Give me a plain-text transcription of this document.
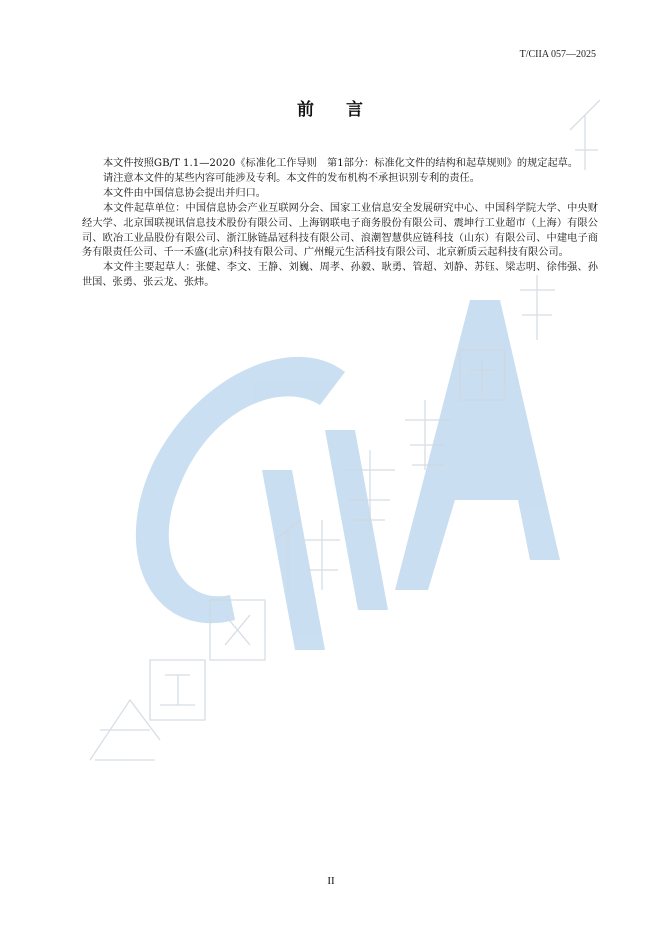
T/CIIA 057—2025
前 言

本文件按照GB/T 1.1—2020《标准化工作导则　第1部分：标准化文件的结构和起草规则》的规定起草。

请注意本文件的某些内容可能涉及专利。本文件的发布机构不承担识别专利的责任。

本文件由中国信息协会提出并归口。

本文件起草单位：中国信息协会产业互联网分会、国家工业信息安全发展研究中心、中国科学院大学、中央财经大学、北京国联视讯信息技术股份有限公司、上海钢联电子商务股份有限公司、震坤行工业超市（上海）有限公司、欧冶工业品股份有限公司、浙江脉链晶冠科技有限公司、浪潮智慧供应链科技（山东）有限公司、中建电子商务有限责任公司、千一禾盛(北京)科技有限公司、广州鲲元生活科技有限公司、北京新质云起科技有限公司。

本文件主要起草人：张健、李文、王静、刘巍、周孝、孙毅、耿勇、管超、刘静、苏钰、梁志明、徐伟强、孙世国、张勇、张云龙、张炜。

II
